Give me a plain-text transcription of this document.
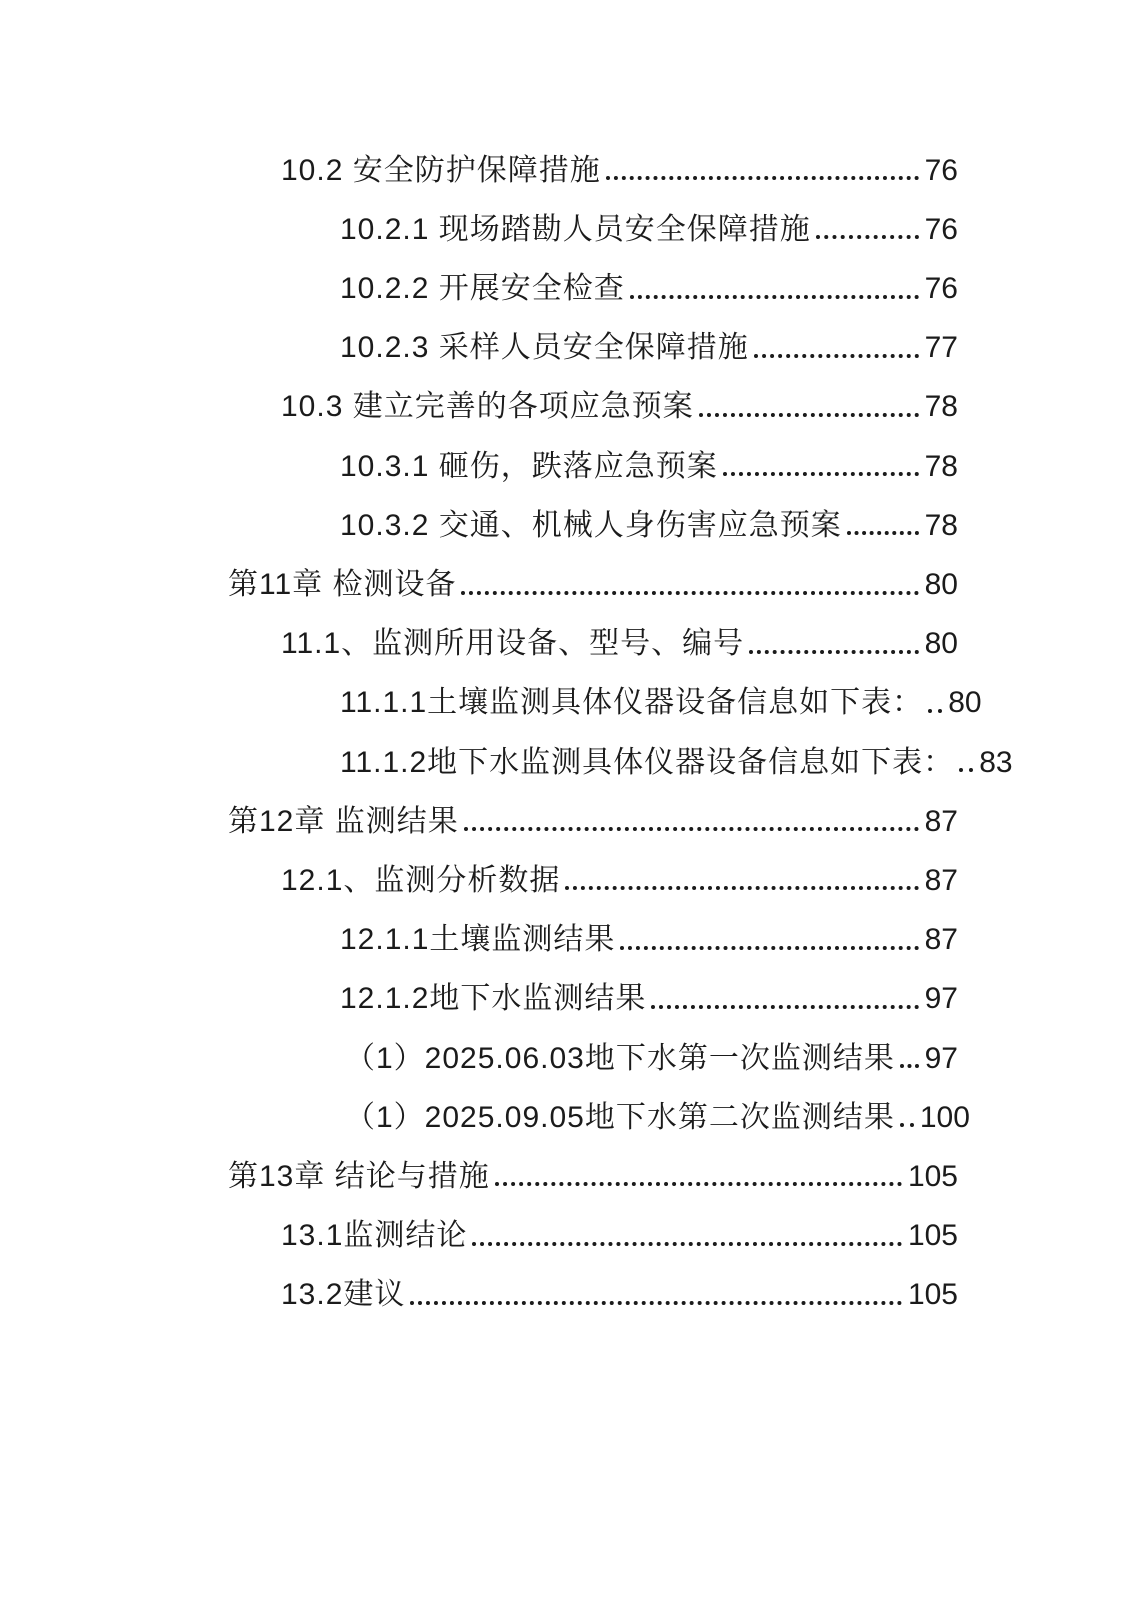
10.2 安全防护保障措施	76
10.2.1 现场踏勘人员安全保障措施	76
10.2.2 开展安全检查	76
10.2.3 采样人员安全保障措施	77
10.3 建立完善的各项应急预案	78
10.3.1 砸伤，跌落应急预案	78
10.3.2 交通、机械人身伤害应急预案	78
第11章 检测设备	80
11.1、监测所用设备、型号、编号	80
11.1.1土壤监测具体仪器设备信息如下表： 80
11.1.2地下水监测具体仪器设备信息如下表： 83
第12章 监测结果	87
12.1、监测分析数据	87
12.1.1土壤监测结果	87
12.1.2地下水监测结果	97
（1）2025.06.03地下水第一次监测结果 97
（1）2025.09.05地下水第二次监测结果 100
第13章 结论与措施	105
13.1监测结论	105
13.2建议	105
